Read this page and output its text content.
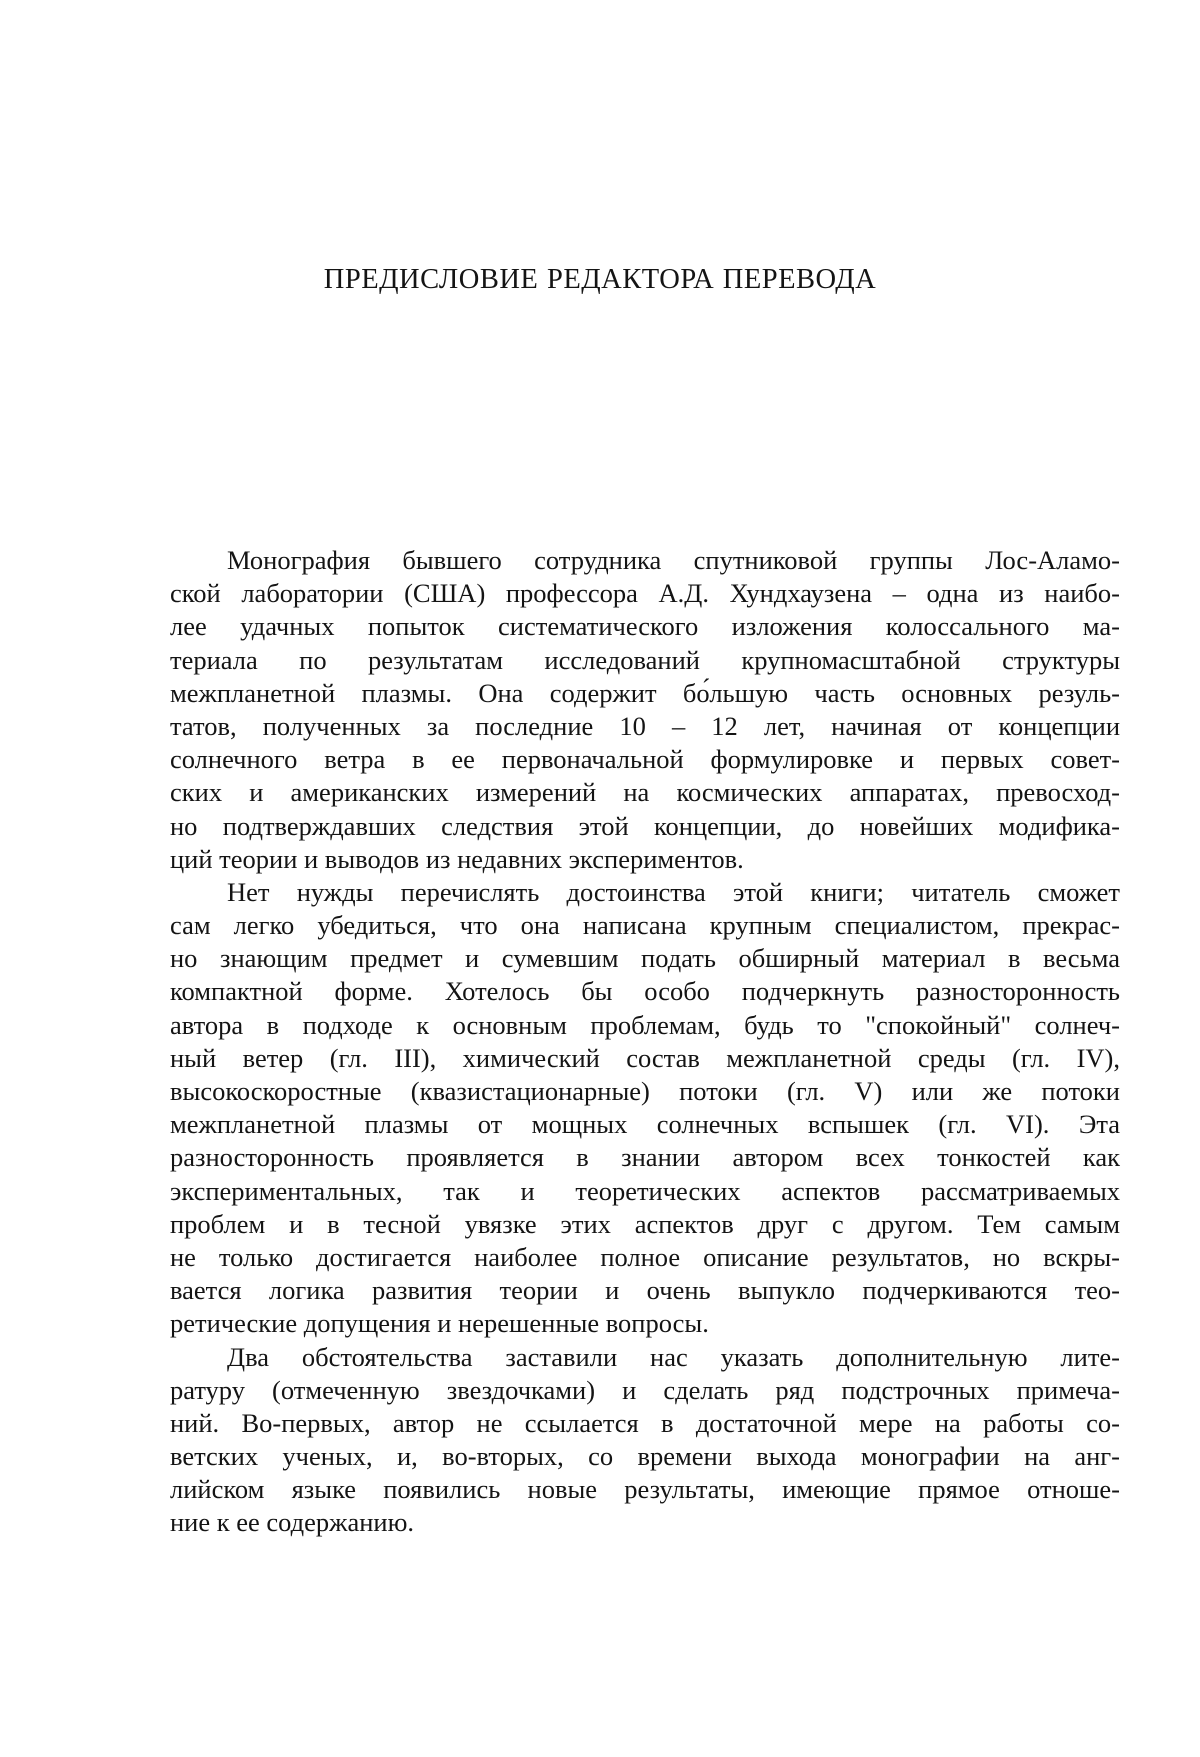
ПРЕДИСЛОВИЕ РЕДАКТОРА ПЕРЕВОДА
Монография бывшего сотрудника спутниковой группы Лос-Аламо-
ской лаборатории (США) профессора А.Д. Хундхаузена – одна из наибо-
лее удачных попыток систематического изложения колоссального ма-
териала по результатам исследований крупномасштабной структуры
межпланетной плазмы. Она содержит бо́льшую часть основных резуль-
татов, полученных за последние 10 – 12 лет, начиная от концепции
солнечного ветра в ее первоначальной формулировке и первых совет-
ских и американских измерений на космических аппаратах, превосход-
но подтверждавших следствия этой концепции, до новейших модифика-
ций теории и выводов из недавних экспериментов.
Нет нужды перечислять достоинства этой книги; читатель сможет
сам легко убедиться, что она написана крупным специалистом, прекрас-
но знающим предмет и сумевшим подать обширный материал в весьма
компактной форме. Хотелось бы особо подчеркнуть разносторонность
автора в подходе к основным проблемам, будь то "спокойный" солнеч-
ный ветер (гл. III), химический состав межпланетной среды (гл. IV),
высокоскоростные (квазистационарные) потоки (гл. V) или же потоки
межпланетной плазмы от мощных солнечных вспышек (гл. VI). Эта
разносторонность проявляется в знании автором всех тонкостей как
экспериментальных, так и теоретических аспектов рассматриваемых
проблем и в тесной увязке этих аспектов друг с другом. Тем самым
не только достигается наиболее полное описание результатов, но вскры-
вается логика развития теории и очень выпукло подчеркиваются тео-
ретические допущения и нерешенные вопросы.
Два обстоятельства заставили нас указать дополнительную лите-
ратуру (отмеченную звездочками) и сделать ряд подстрочных примеча-
ний. Во-первых, автор не ссылается в достаточной мере на работы со-
ветских ученых, и, во-вторых, со времени выхода монографии на анг-
лийском языке появились новые результаты, имеющие прямое отноше-
ние к ее содержанию.
